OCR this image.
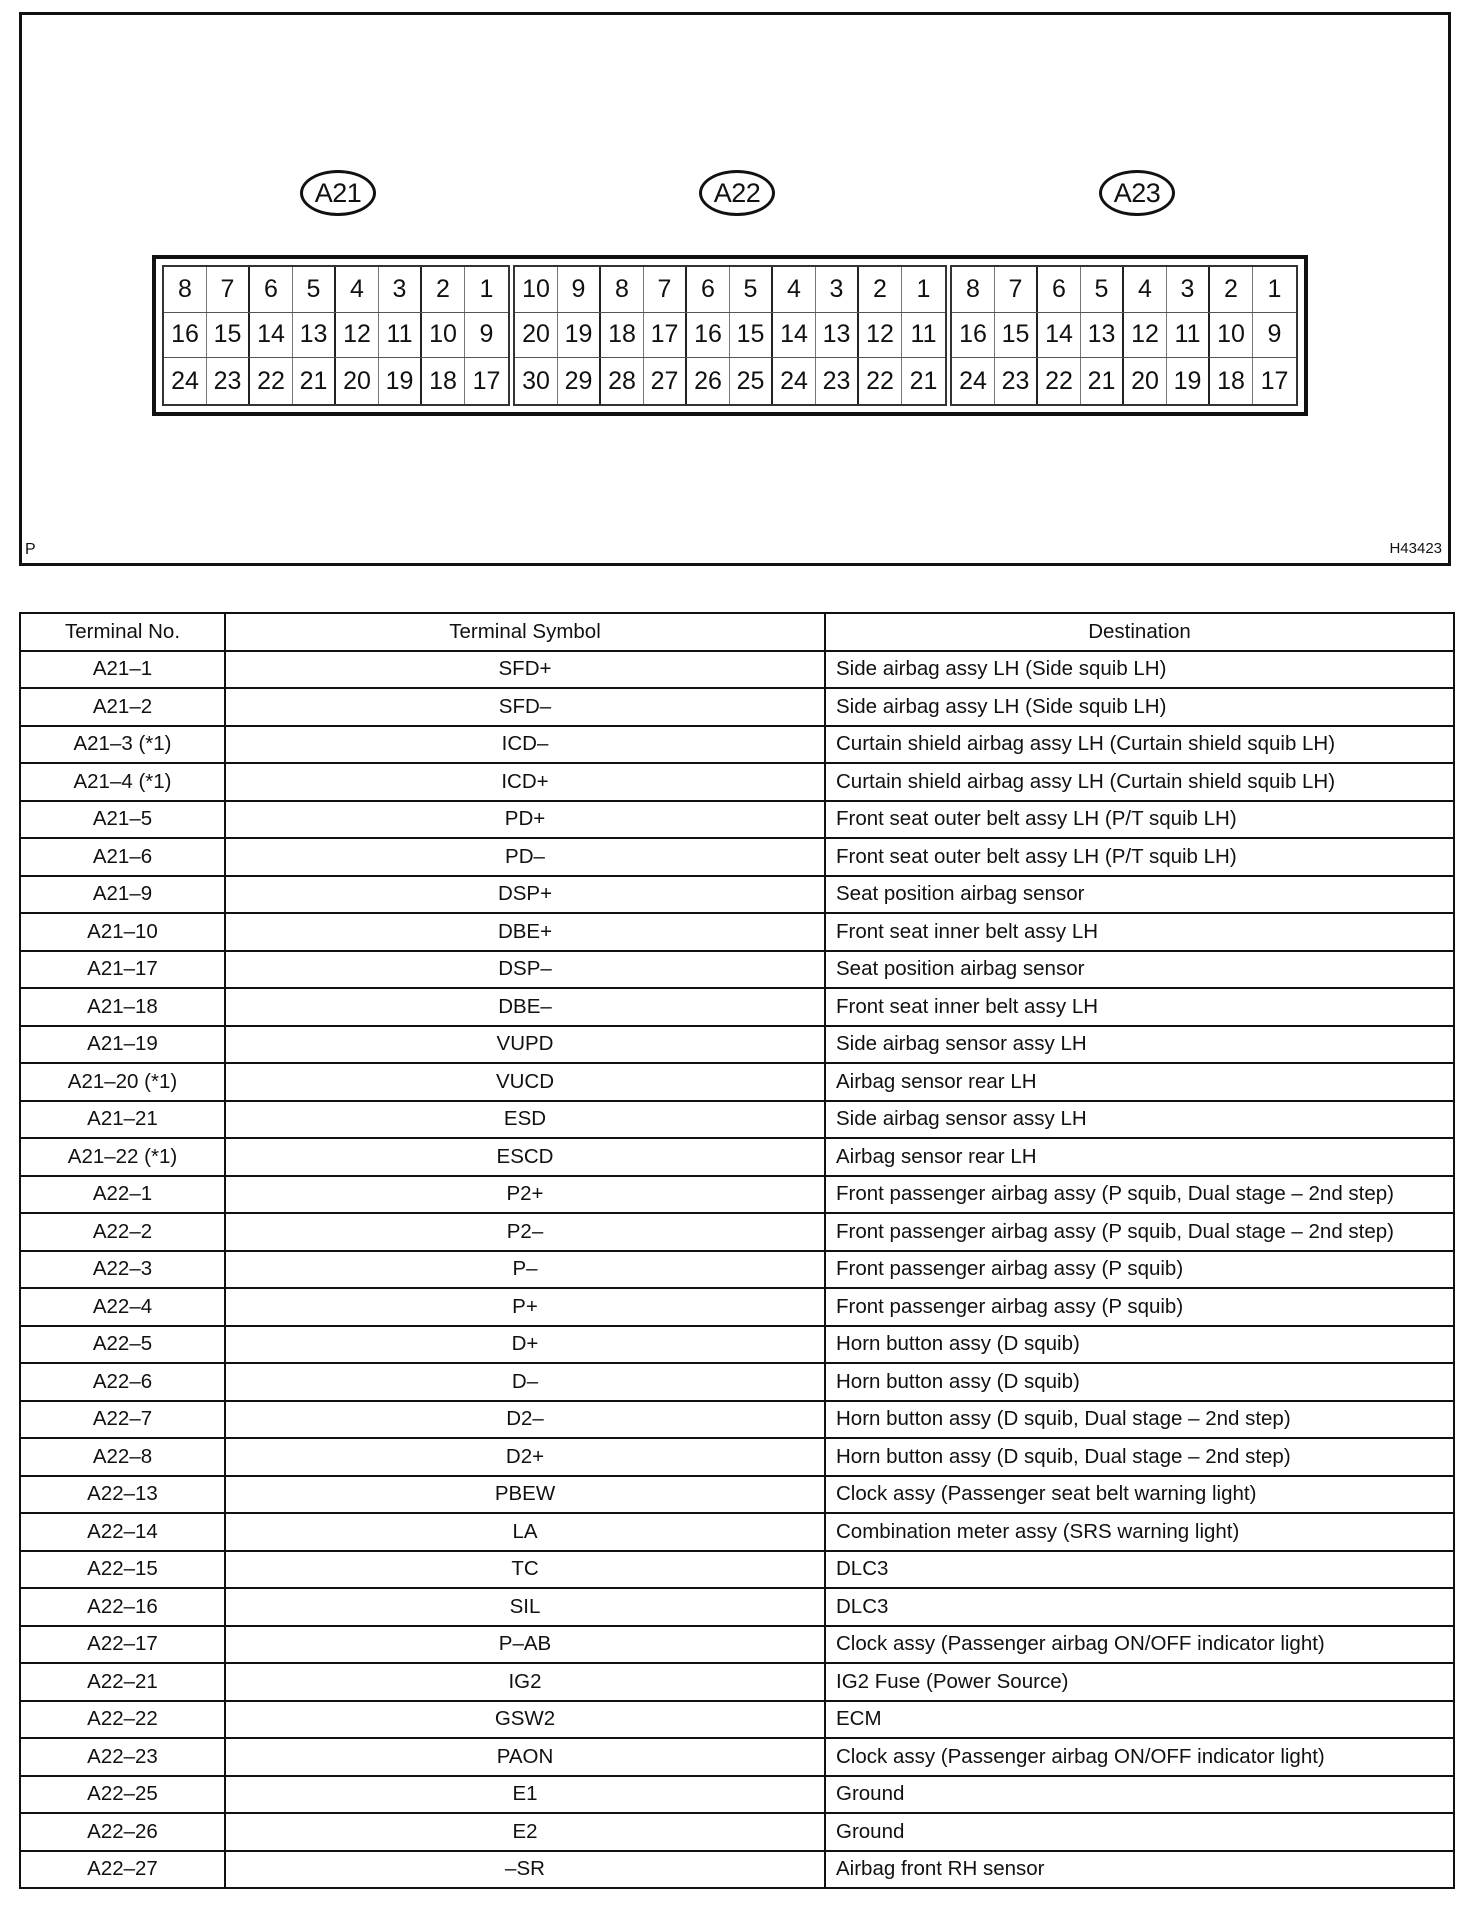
A21	A22	A23
8	7	6	5	4	3	2	1
16 15 14 13 12 11 10 9
24 23 22 21 20 19 18 17
10 9	8	7	6	5	4	3	2	1
20 19 18 17 16 15 14 13 12 11
30 29 28 27 26 25 24 23 22 21
8	7	6	5	4	3	2	1
16 15 14 13 12 11 10 9
24 23 22 21 20 19 18 17
P	H43423
Terminal No.	Terminal Symbol	Destination
A21–1	SFD+	Side airbag assy LH (Side squib LH)
A21–2	SFD–	Side airbag assy LH (Side squib LH)
A21–3 (*1)	ICD–	Curtain shield airbag assy LH (Curtain shield squib LH)
A21–4 (*1)	ICD+	Curtain shield airbag assy LH (Curtain shield squib LH)
A21–5	PD+	Front seat outer belt assy LH (P/T squib LH)
A21–6	PD–	Front seat outer belt assy LH (P/T squib LH)
A21–9	DSP+	Seat position airbag sensor
A21–10	DBE+	Front seat inner belt assy LH
A21–17	DSP–	Seat position airbag sensor
A21–18	DBE–	Front seat inner belt assy LH
A21–19	VUPD	Side airbag sensor assy LH
A21–20 (*1)	VUCD	Airbag sensor rear LH
A21–21	ESD	Side airbag sensor assy LH
A21–22 (*1)	ESCD	Airbag sensor rear LH
A22–1	P2+	Front passenger airbag assy (P squib, Dual stage – 2nd step)
A22–2	P2–	Front passenger airbag assy (P squib, Dual stage – 2nd step)
A22–3	P–	Front passenger airbag assy (P squib)
A22–4	P+	Front passenger airbag assy (P squib)
A22–5	D+	Horn button assy (D squib)
A22–6	D–	Horn button assy (D squib)
A22–7	D2–	Horn button assy (D squib, Dual stage – 2nd step)
A22–8	D2+	Horn button assy (D squib, Dual stage – 2nd step)
A22–13	PBEW	Clock assy (Passenger seat belt warning light)
A22–14	LA	Combination meter assy (SRS warning light)
A22–15	TC	DLC3
A22–16	SIL	DLC3
A22–17	P–AB	Clock assy (Passenger airbag ON/OFF indicator light)
A22–21	IG2	IG2 Fuse (Power Source)
A22–22	GSW2	ECM
A22–23	PAON	Clock assy (Passenger airbag ON/OFF indicator light)
A22–25	E1	Ground
A22–26	E2	Ground
A22–27	–SR	Airbag front RH sensor
